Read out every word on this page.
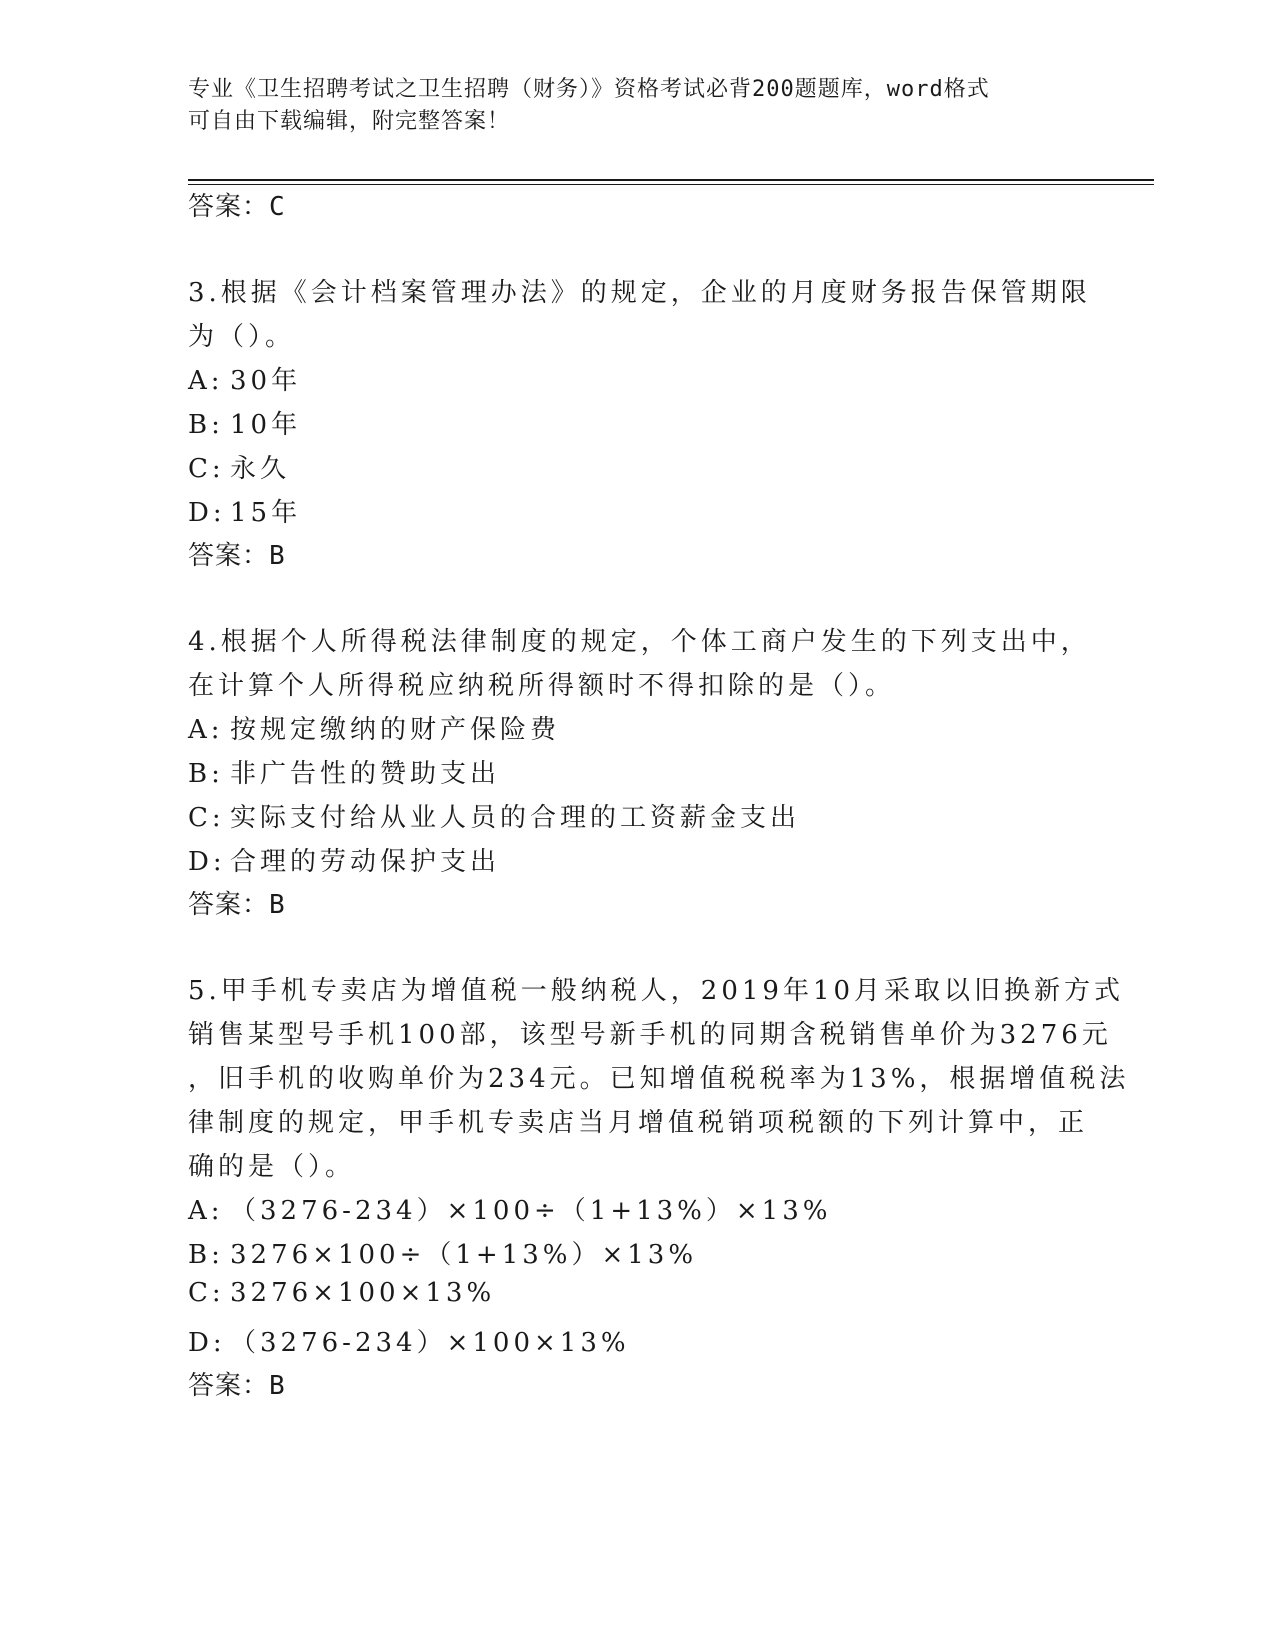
专业《卫生招聘考试之卫生招聘（财务）》资格考试必背200题题库，word格式
可自由下载编辑，附完整答案！
答案：C
3.根据《会计档案管理办法》的规定，企业的月度财务报告保管期限
为（）。
A: 30年
B: 10年
C: 永久
D: 15年
答案：B
4.根据个人所得税法律制度的规定，个体工商户发生的下列支出中，
在计算个人所得税应纳税所得额时不得扣除的是（）。
A: 按规定缴纳的财产保险费
B: 非广告性的赞助支出
C: 实际支付给从业人员的合理的工资薪金支出
D: 合理的劳动保护支出
答案：B
5.甲手机专卖店为增值税一般纳税人，2019年10月采取以旧换新方式
销售某型号手机100部，该型号新手机的同期含税销售单价为3276元
，旧手机的收购单价为234元。已知增值税税率为13%，根据增值税法
律制度的规定，甲手机专卖店当月增值税销项税额的下列计算中，正
确的是（）。
A: （3276-234）×100÷（1+13%）×13%
B: 3276×100÷（1+13%）×13%
C: 3276×100×13%
D: （3276-234）×100×13%
答案：B
